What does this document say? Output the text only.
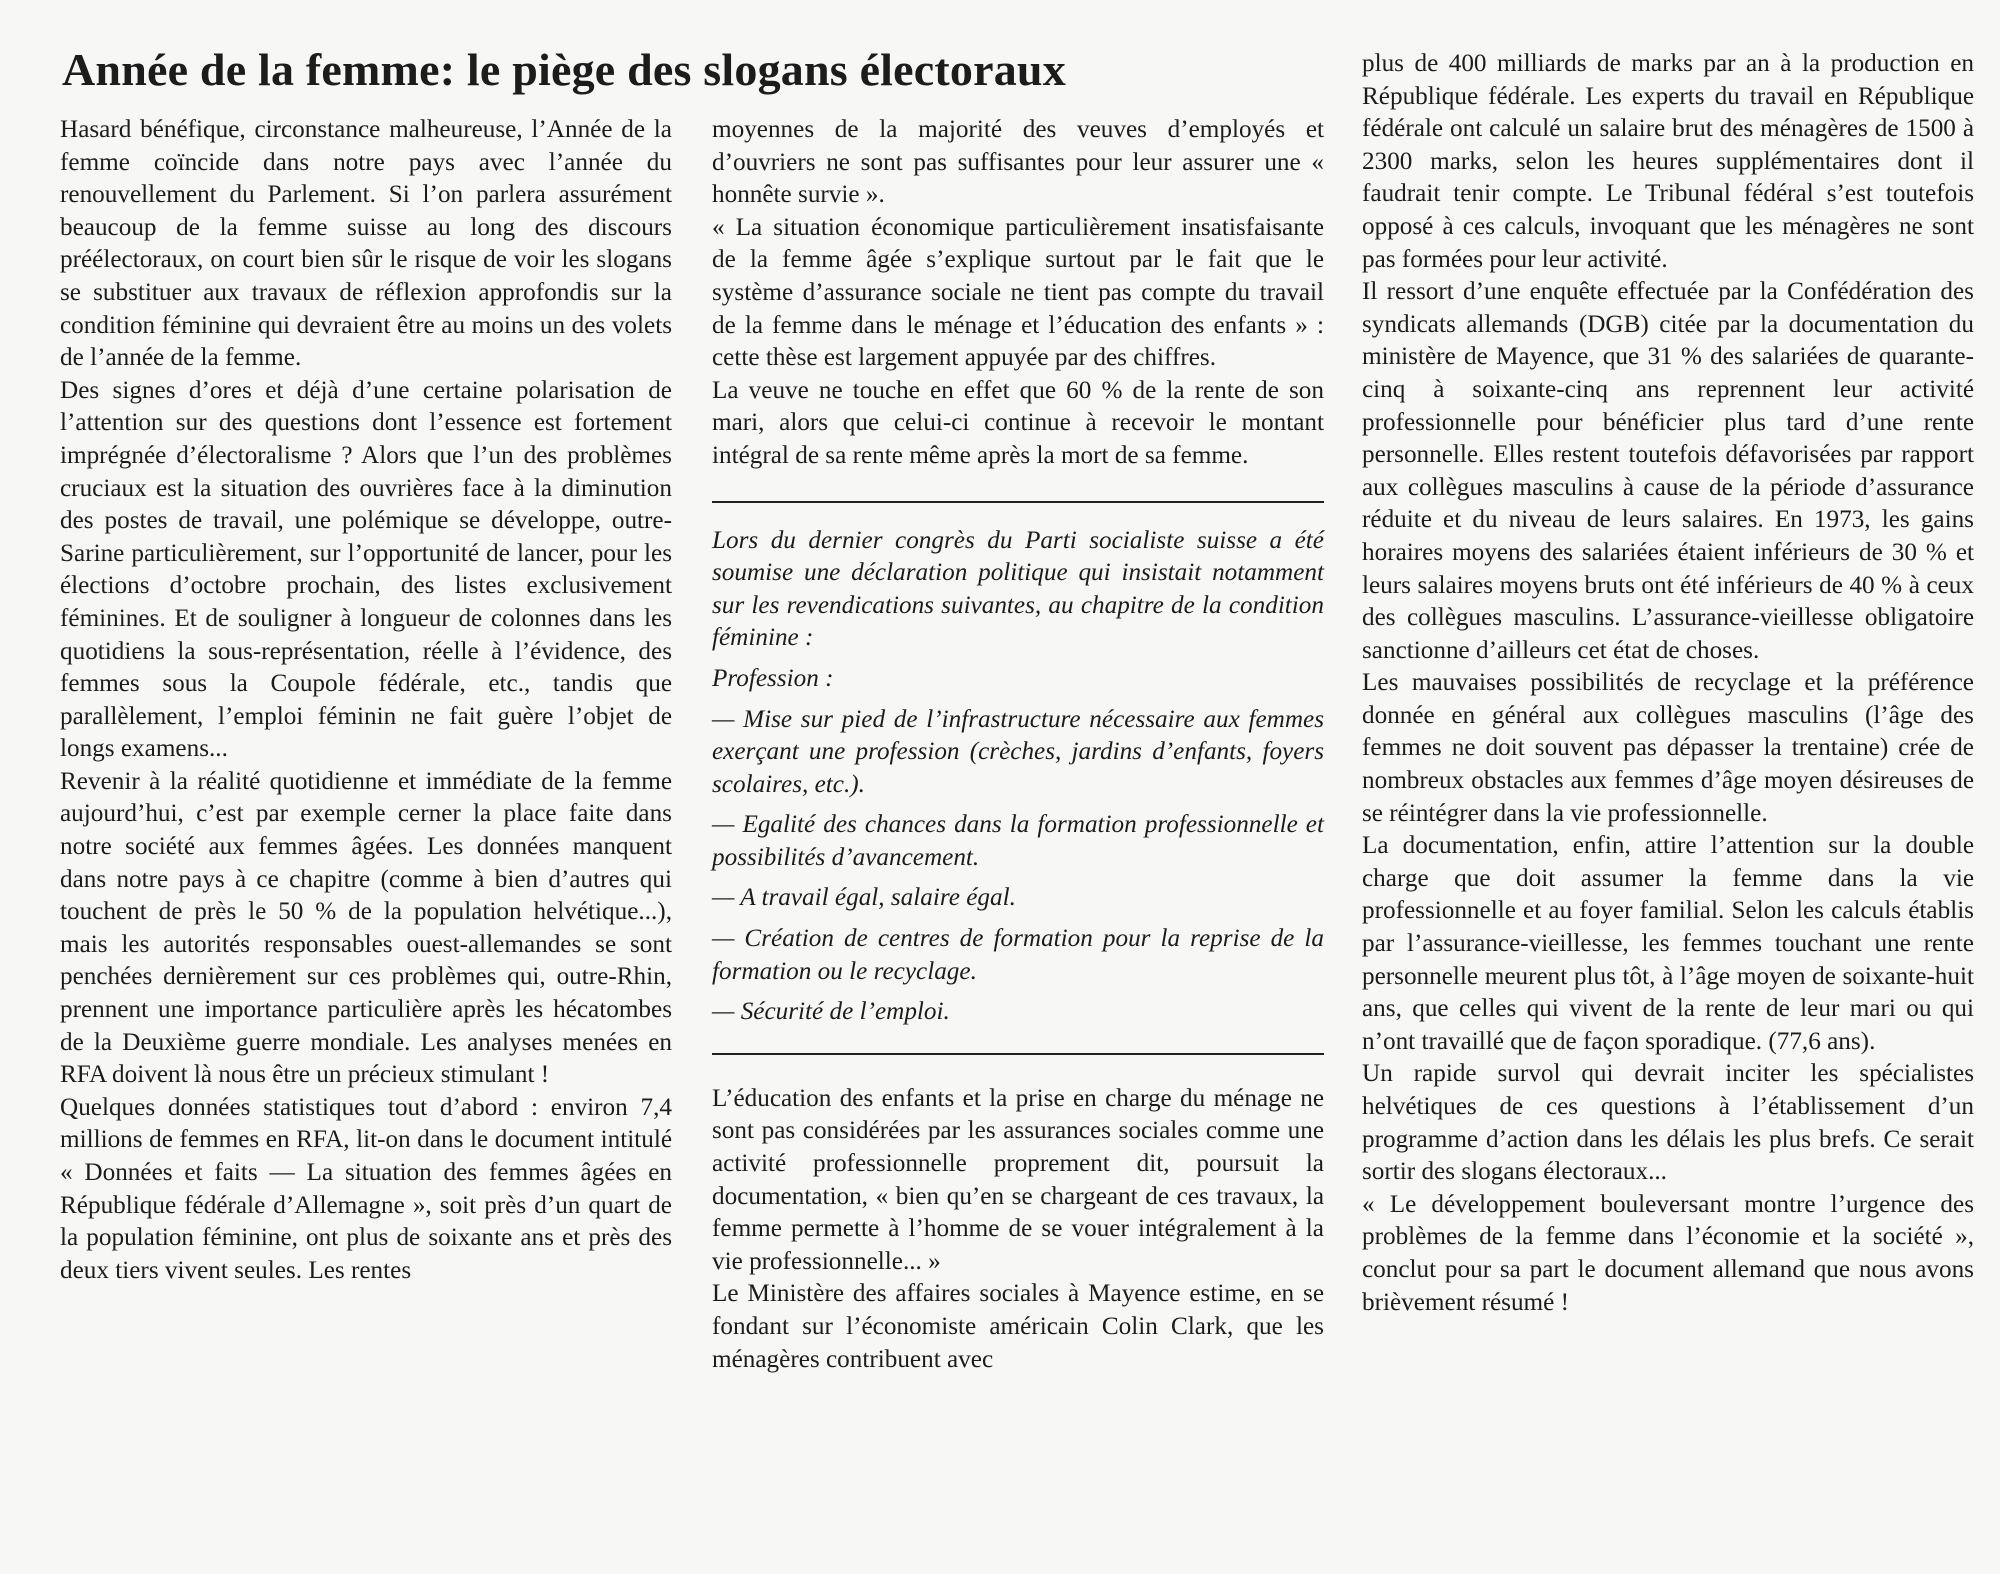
Année de la femme: le piège des slogans électoraux

Hasard bénéfique, circonstance malheureuse, l’Année de la femme coïncide dans notre pays avec l’année du renouvellement du Parlement. Si l’on parlera assurément beaucoup de la femme suisse au long des discours préélectoraux, on court bien sûr le risque de voir les slogans se substituer aux travaux de réflexion approfondis sur la condition féminine qui devraient être au moins un des volets de l’année de la femme.

Des signes d’ores et déjà d’une certaine polarisation de l’attention sur des questions dont l’essence est fortement imprégnée d’électoralisme ? Alors que l’un des problèmes cruciaux est la situation des ouvrières face à la diminution des postes de travail, une polémique se développe, outre-Sarine particulièrement, sur l’opportunité de lancer, pour les élections d’octobre prochain, des listes exclusivement féminines. Et de souligner à longueur de colonnes dans les quotidiens la sous-représentation, réelle à l’évidence, des femmes sous la Coupole fédérale, etc., tandis que parallèlement, l’emploi féminin ne fait guère l’objet de longs examens...

Revenir à la réalité quotidienne et immédiate de la femme aujourd’hui, c’est par exemple cerner la place faite dans notre société aux femmes âgées. Les données manquent dans notre pays à ce chapitre (comme à bien d’autres qui touchent de près le 50 % de la population helvétique...), mais les autorités responsables ouest-allemandes se sont penchées dernièrement sur ces problèmes qui, outre-Rhin, prennent une importance particulière après les hécatombes de la Deuxième guerre mondiale. Les analyses menées en RFA doivent là nous être un précieux stimulant !

Quelques données statistiques tout d’abord : environ 7,4 millions de femmes en RFA, lit-on dans le document intitulé « Données et faits — La situation des femmes âgées en République fédérale d’Allemagne », soit près d’un quart de la population féminine, ont plus de soixante ans et près des deux tiers vivent seules. Les rentes

moyennes de la majorité des veuves d’employés et d’ouvriers ne sont pas suffisantes pour leur assurer une « honnête survie ».

« La situation économique particulièrement insatisfaisante de la femme âgée s’explique surtout par le fait que le système d’assurance sociale ne tient pas compte du travail de la femme dans le ménage et l’éducation des enfants » : cette thèse est largement appuyée par des chiffres.

La veuve ne touche en effet que 60 % de la rente de son mari, alors que celui-ci continue à recevoir le montant intégral de sa rente même après la mort de sa femme.

Lors du dernier congrès du Parti socialiste suisse a été soumise une déclaration politique qui insistait notamment sur les revendications suivantes, au chapitre de la condition féminine :

Profession :

— Mise sur pied de l’infrastructure nécessaire aux femmes exerçant une profession (crèches, jardins d’enfants, foyers scolaires, etc.).

— Egalité des chances dans la formation professionnelle et possibilités d’avancement.

— A travail égal, salaire égal.

— Création de centres de formation pour la reprise de la formation ou le recyclage.

— Sécurité de l’emploi.

L’éducation des enfants et la prise en charge du ménage ne sont pas considérées par les assurances sociales comme une activité professionnelle proprement dit, poursuit la documentation, « bien qu’en se chargeant de ces travaux, la femme permette à l’homme de se vouer intégralement à la vie professionnelle... »

Le Ministère des affaires sociales à Mayence estime, en se fondant sur l’économiste américain Colin Clark, que les ménagères contribuent avec

plus de 400 milliards de marks par an à la production en République fédérale. Les experts du travail en République fédérale ont calculé un salaire brut des ménagères de 1500 à 2300 marks, selon les heures supplémentaires dont il faudrait tenir compte. Le Tribunal fédéral s’est toutefois opposé à ces calculs, invoquant que les ménagères ne sont pas formées pour leur activité.

Il ressort d’une enquête effectuée par la Confédération des syndicats allemands (DGB) citée par la documentation du ministère de Mayence, que 31 % des salariées de quarante-cinq à soixante-cinq ans reprennent leur activité professionnelle pour bénéficier plus tard d’une rente personnelle. Elles restent toutefois défavorisées par rapport aux collègues masculins à cause de la période d’assurance réduite et du niveau de leurs salaires. En 1973, les gains horaires moyens des salariées étaient inférieurs de 30 % et leurs salaires moyens bruts ont été inférieurs de 40 % à ceux des collègues masculins. L’assurance-vieillesse obligatoire sanctionne d’ailleurs cet état de choses.

Les mauvaises possibilités de recyclage et la préférence donnée en général aux collègues masculins (l’âge des femmes ne doit souvent pas dépasser la trentaine) crée de nombreux obstacles aux femmes d’âge moyen désireuses de se réintégrer dans la vie professionnelle.

La documentation, enfin, attire l’attention sur la double charge que doit assumer la femme dans la vie professionnelle et au foyer familial. Selon les calculs établis par l’assurance-vieillesse, les femmes touchant une rente personnelle meurent plus tôt, à l’âge moyen de soixante-huit ans, que celles qui vivent de la rente de leur mari ou qui n’ont travaillé que de façon sporadique. (77,6 ans).

Un rapide survol qui devrait inciter les spécialistes helvétiques de ces questions à l’établissement d’un programme d’action dans les délais les plus brefs. Ce serait sortir des slogans électoraux...

« Le développement bouleversant montre l’urgence des problèmes de la femme dans l’économie et la société », conclut pour sa part le document allemand que nous avons brièvement résumé !
